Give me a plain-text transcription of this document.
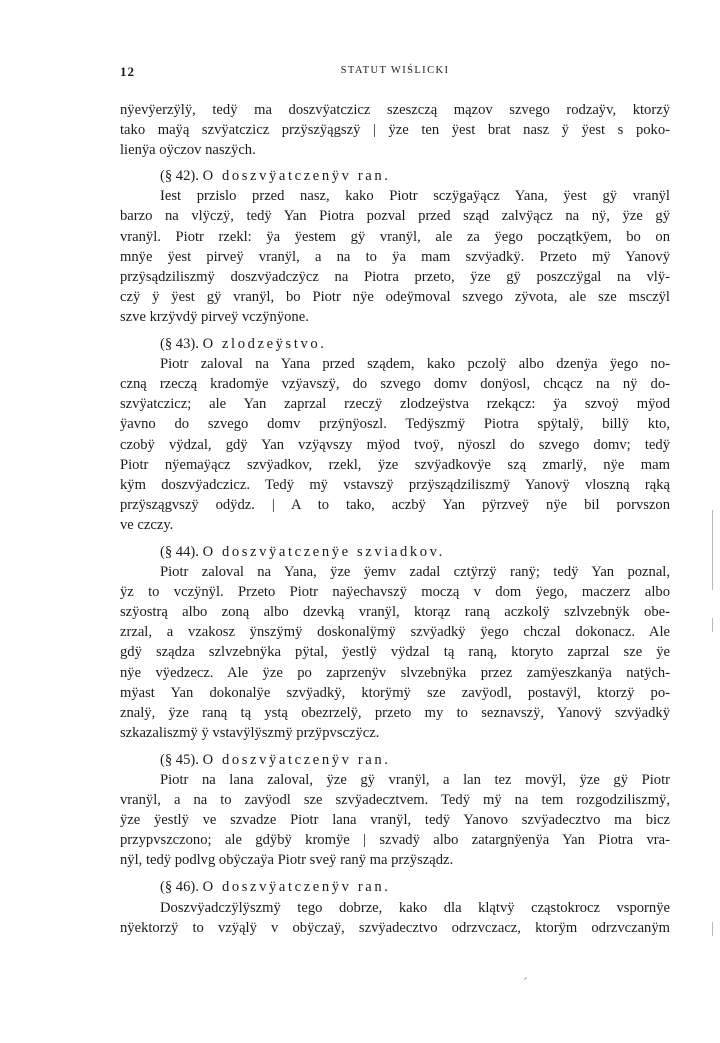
12	STATUT WIŚLICKI
nÿevÿerzÿlÿ, tedÿ ma doszvÿatczicz szeszczą mązov szvego rodzaÿv, ktorzÿ
tako maÿą szvÿatczicz przÿszÿągszÿ | ÿze ten ÿest brat nasz ÿ ÿest s poko-
lienÿa oÿczov naszÿch.
(§ 42). O doszvÿatczenÿv ran.
Iest przislo przed nasz, kako Piotr sczÿgaÿącz Yana, ÿest gÿ vranÿl
barzo na vlÿczÿ, tedÿ Yan Piotra pozval przed sząd zalvÿącz na nÿ, ÿze gÿ
vranÿl. Piotr rzekl: ÿa ÿestem gÿ vranÿl, ale za ÿego początkÿem, bo on
mnÿe ÿest pirveÿ vranÿl, a na to ÿa mam szvÿadkÿ. Przeto mÿ Yanovÿ
przÿsądziliszmÿ doszvÿadczÿcz na Piotra przeto, ÿze gÿ poszczÿgal na vlÿ-
czÿ ÿ ÿest gÿ vranÿl, bo Piotr nÿe odeÿmoval szvego zÿvota, ale sze msczÿl
szve krzÿvdÿ pirveÿ vczÿnÿone.
(§ 43). O zlodzeÿstvo.
Piotr zaloval na Yana przed sządem, kako pczolÿ albo dzenÿa ÿego no-
czną rzeczą kradomÿe vzÿavszÿ, do szvego domv donÿosl, chcącz na nÿ do-
szvÿatczicz; ale Yan zaprzal rzeczÿ zlodzeÿstva rzekącz: ÿa szvoÿ mÿod
ÿavno do szvego domv przÿnÿoszl. Tedÿszmÿ Piotra spÿtalÿ, billÿ kto,
czobÿ vÿdzal, gdÿ Yan vzÿąvszy mÿod tvoÿ, nÿoszl do szvego domv; tedÿ
Piotr nÿemaÿącz szvÿadkov, rzekl, ÿze szvÿadkovÿe szą zmarlÿ, nÿe mam
kÿm doszvÿadczicz. Tedÿ mÿ vstavszÿ przÿsządziliszmÿ Yanovÿ vloszną rąką
przÿszągvszÿ odÿdz. | A to tako, aczbÿ Yan pÿrzveÿ nÿe bil porvszon
ve czczy.
(§ 44). O doszvÿatczenÿe szviadkov.
Piotr zaloval na Yana, ÿze ÿemv zadal cztÿrzÿ ranÿ; tedÿ Yan poznal,
ÿz to vczÿnÿl. Przeto Piotr naÿechavszÿ moczą v dom ÿego, maczerz albo
szÿostrą albo zoną albo dzevką vranÿl, ktorąz raną aczkolÿ szlvzebnÿk obe-
zrzal, a vzakosz ÿnszÿmÿ doskonalÿmÿ szvÿadkÿ ÿego chczal dokonacz. Ale
gdÿ sządza szlvzebnÿka pÿtal, ÿestlÿ vÿdzal tą raną, ktoryto zaprzal sze ÿe
nÿe vÿedzecz. Ale ÿze po zaprzenÿv slvzebnÿka przez zamÿeszkanÿa natÿch-
mÿast Yan dokonalÿe szvÿadkÿ, ktorÿmÿ sze zavÿodl, postavÿl, ktorzÿ po-
znalÿ, ÿze raną tą ystą obezrzelÿ, przeto my to seznavszÿ, Yanovÿ szvÿadkÿ
szkazaliszmÿ ÿ vstavÿlÿszmÿ przÿpvsczÿcz.
(§ 45). O doszvÿatczenÿv ran.
Piotr na lana zaloval, ÿze gÿ vranÿl, a lan tez movÿl, ÿze gÿ Piotr
vranÿl, a na to zavÿodl sze szvÿadecztvem. Tedÿ mÿ na tem rozgodziliszmÿ,
ÿze ÿestlÿ ve szvadze Piotr lana vranÿl, tedÿ Yanovo szvÿadecztvo ma bicz
przypvszczono; ale gdÿbÿ kromÿe | szvadÿ albo zatargnÿenÿa Yan Piotra vra-
nÿl, tedÿ podlvg obÿczaÿa Piotr sveÿ ranÿ ma przÿsządz.
(§ 46). O doszvÿatczenÿv ran.
Doszvÿadczÿlÿszmÿ tego dobrze, kako dla klątvÿ cząstokrocz vspornÿe
nÿektorzÿ to vzÿąlÿ v obÿczaÿ, szvÿadecztvo odrzvczacz, ktorÿm odrzvczanÿm
